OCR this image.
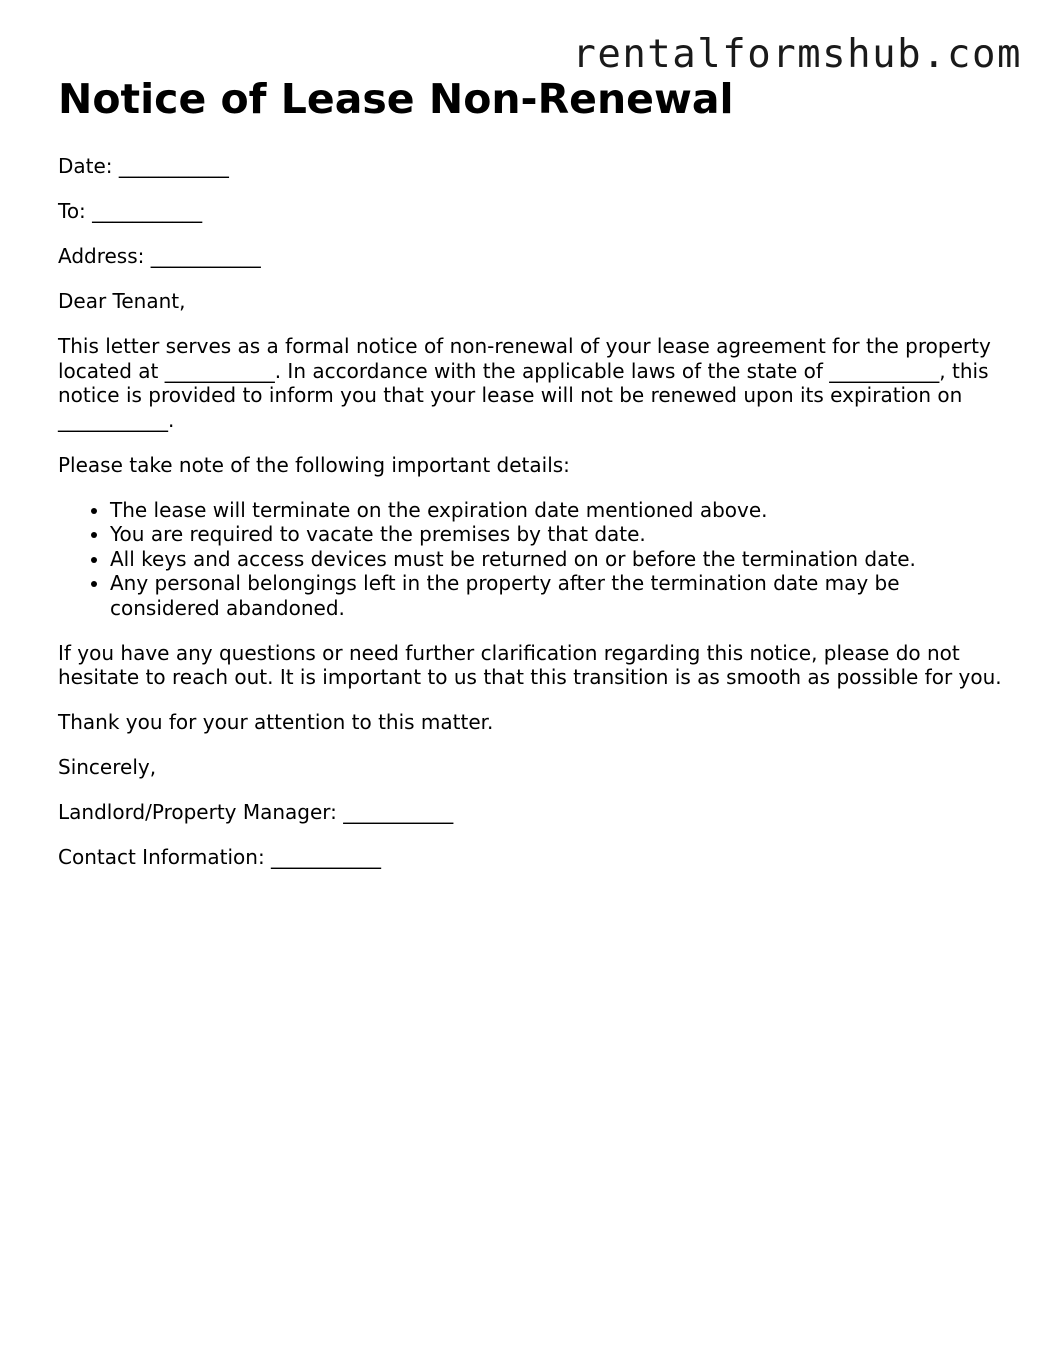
rentalformshub.com
Notice of Lease Non-Renewal

Date: ___________

To: ___________

Address: ___________

Dear Tenant,

This letter serves as a formal notice of non-renewal of your lease agreement for the property located at ___________. In accordance with the applicable laws of the state of ___________, this notice is provided to inform you that your lease will not be renewed upon its expiration on ___________.

Please take note of the following important details:

• The lease will terminate on the expiration date mentioned above.
• You are required to vacate the premises by that date.
• All keys and access devices must be returned on or before the termination date.
• Any personal belongings left in the property after the termination date may be considered abandoned.

If you have any questions or need further clarification regarding this notice, please do not hesitate to reach out. It is important to us that this transition is as smooth as possible for you.

Thank you for your attention to this matter.

Sincerely,

Landlord/Property Manager: ___________

Contact Information: ___________
